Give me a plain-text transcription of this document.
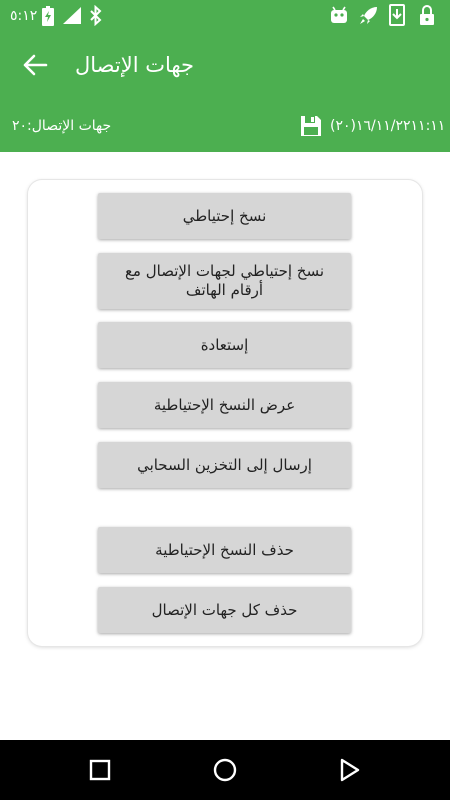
٥:١٢
جهات الإتصال
جهات الإتصال:٢٠	(٢٠)١٦/١١/٢٢١١:١١
نسخ إحتياطي
نسخ إحتياطي لجهات الإتصال مع أرقام الهاتف
إستعادة
عرض النسخ الإحتياطية
إرسال إلى التخزين السحابي
حذف النسخ الإحتياطية
حذف كل جهات الإتصال
